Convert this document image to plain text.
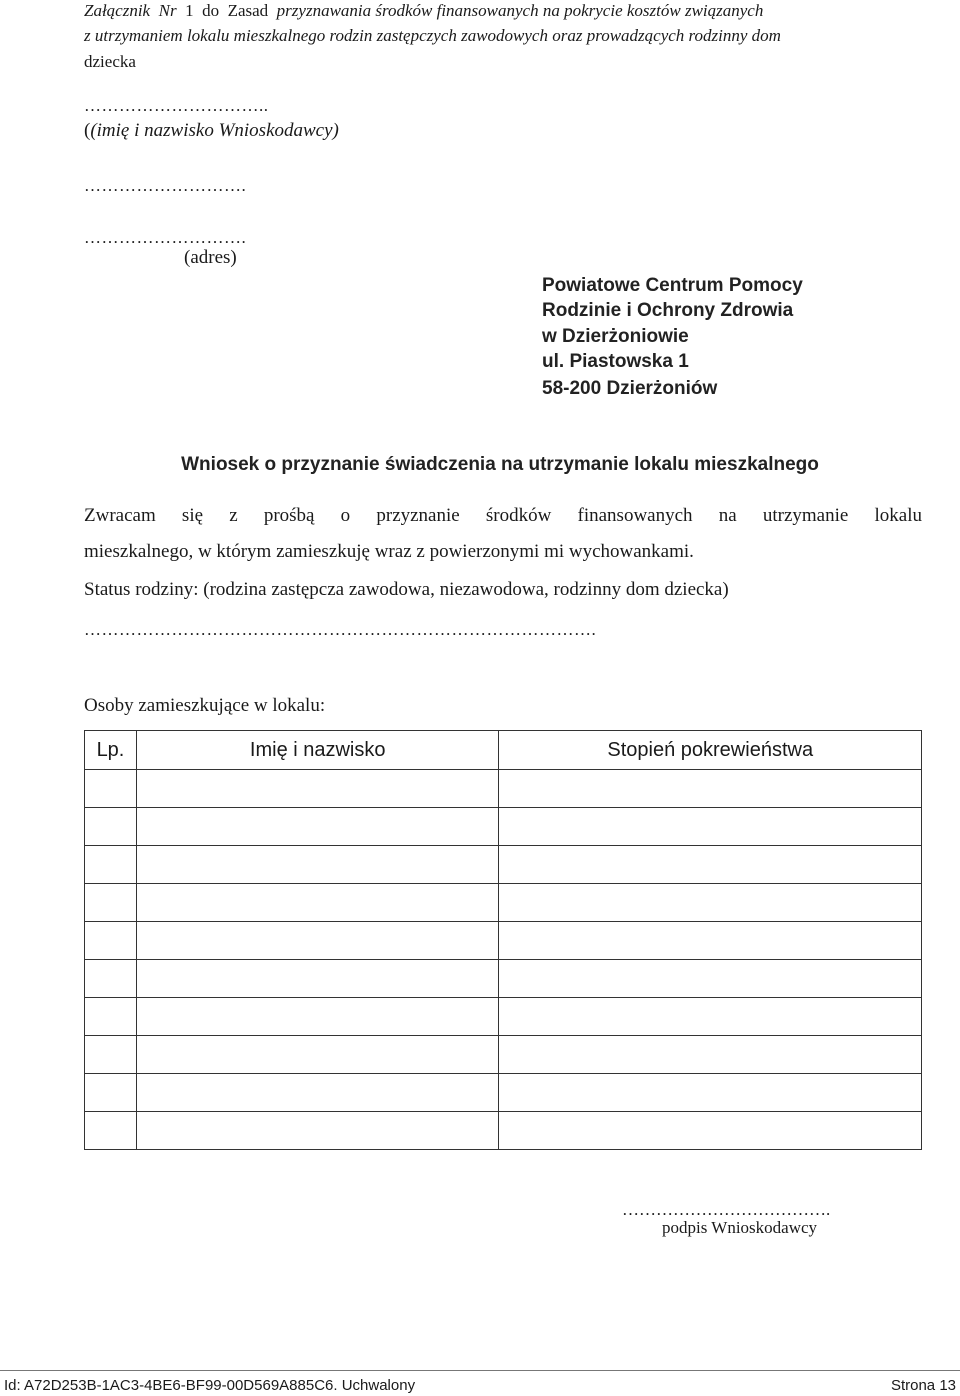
Załącznik Nr 1 do Zasad przyznawania środków finansowanych na pokrycie kosztów związanych
z utrzymaniem lokalu mieszkalnego rodzin zastępczych zawodowych oraz prowadzących rodzinny dom
dziecka
…………………………..
((imię i nazwisko Wnioskodawcy)
……………………….
……………………….
(adres)
Powiatowe Centrum Pomocy
Rodzinie i Ochrony Zdrowia
w Dzierżoniowie
ul. Piastowska 1
58-200 Dzierżoniów
Wniosek o przyznanie świadczenia na utrzymanie lokalu mieszkalnego
Zwracam się z prośbą o przyznanie środków finansowanych na utrzymanie lokalu
mieszkalnego, w którym zamieszkuję wraz z powierzonymi mi wychowankami.
Status rodziny: (rodzina zastępcza zawodowa, niezawodowa, rodzinny dom dziecka)
…………………………………………………………………………….
Osoby zamieszkujące w lokalu:
Lp.	Imię i nazwisko	Stopień pokrewieństwa

……………………………….
podpis Wnioskodawcy
Id: A72D253B-1AC3-4BE6-BF99-00D569A885C6. Uchwalony	Strona 13
